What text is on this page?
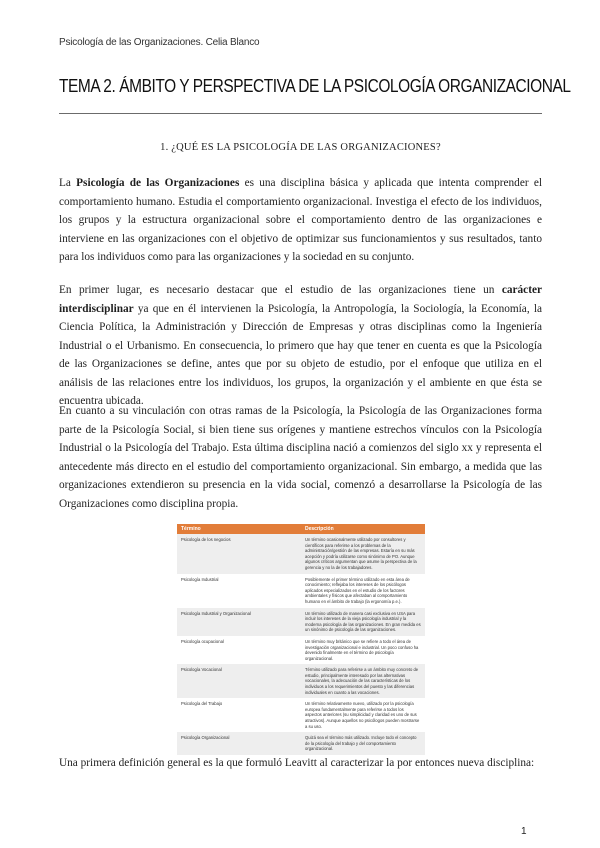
Psicología de las Organizaciones. Celia Blanco
TEMA 2. ÁMBITO Y PERSPECTIVA DE LA PSICOLOGÍA ORGANIZACIONAL
1. ¿QUÉ ES LA PSICOLOGÍA DE LAS ORGANIZACIONES?

La Psicología de las Organizaciones es una disciplina básica y aplicada que intenta comprender el comportamiento humano. Estudia el comportamiento organizacional. Investiga el efecto de los individuos, los grupos y la estructura organizacional sobre el comportamiento dentro de las organizaciones e interviene en las organizaciones con el objetivo de optimizar sus funcionamientos y sus resultados, tanto para los individuos como para las organizaciones y la sociedad en su conjunto.

En primer lugar, es necesario destacar que el estudio de las organizaciones tiene un carácter interdisciplinar ya que en él intervienen la Psicología, la Antropología, la Sociología, la Economía, la Ciencia Política, la Administración y Dirección de Empresas y otras disciplinas como la Ingeniería Industrial o el Urbanismo. En consecuencia, lo primero que hay que tener en cuenta es que la Psicología de las Organizaciones se define, antes que por su objeto de estudio, por el enfoque que utiliza en el análisis de las relaciones entre los individuos, los grupos, la organización y el ambiente en que ésta se encuentra ubicada.

En cuanto a su vinculación con otras ramas de la Psicología, la Psicología de las Organizaciones forma parte de la Psicología Social, si bien tiene sus orígenes y mantiene estrechos vínculos con la Psicología Industrial o la Psicología del Trabajo. Esta última disciplina nació a comienzos del siglo xx y representa el antecedente más directo en el estudio del comportamiento organizacional. Sin embargo, a medida que las organizaciones extendieron su presencia en la vida social, comenzó a desarrollarse la Psicología de las Organizaciones como disciplina propia.

Término	Descripción
Psicología de los negocios	Un término ocasionalmente utilizado por consultores y científicos para referirse a los problemas de la administración/gestión de las empresas. Estaría en su más acepción y podría utilizarse como sinónimo de PO. Aunque algunos críticos argumentan que asume la perspectiva de la gerencia y no la de los trabajadores.
Psicología Industrial	Posiblemente el primer término utilizado en esta área de conocimiento; reflejaba los intereses de los psicólogos aplicados especializados en el estudio de los factores ambientales y físicos que afectaban al comportamiento humano en el ámbito de trabajo (la ergonomía p.e.).
Psicología Industrial y Organizacional	Un término utilizado de manera casi exclusiva en USA para incluir los intereses de la vieja psicología industrial y la moderna psicología de las organizaciones. En gran medida es un sinónimo de psicología de las organizaciones.
Psicología ocupacional	Un término muy británico que se refiere a todo el área de investigación organizacional e industrial. Un poco confuso ha devenido finalmente en el término de psicología organizacional.
Psicología Vocacional	Término utilizado para referirse a un ámbito muy concreto de estudio, principalmente interesado por las alternativas vocacionales, la adecuación de las características de los individuos a los requerimientos del puesto y las diferencias individuales en cuanto a las vocaciones.
Psicología del Trabajo	Un término relativamente nuevo, utilizado por la psicología europea fundamentalmente para referirse a todos los aspectos anteriores (su simplicidad y claridad es uno de sus atractivos). Aunque aquellos no psicólogos pueden mostrarse a su uso.
Psicología Organizacional	Quizá sea el término más utilizado. Incluye todo el concepto de la psicología del trabajo y del comportamiento organizacional.

Una primera definición general es la que formuló Leavitt al caracterizar la por entonces nueva disciplina:

1
